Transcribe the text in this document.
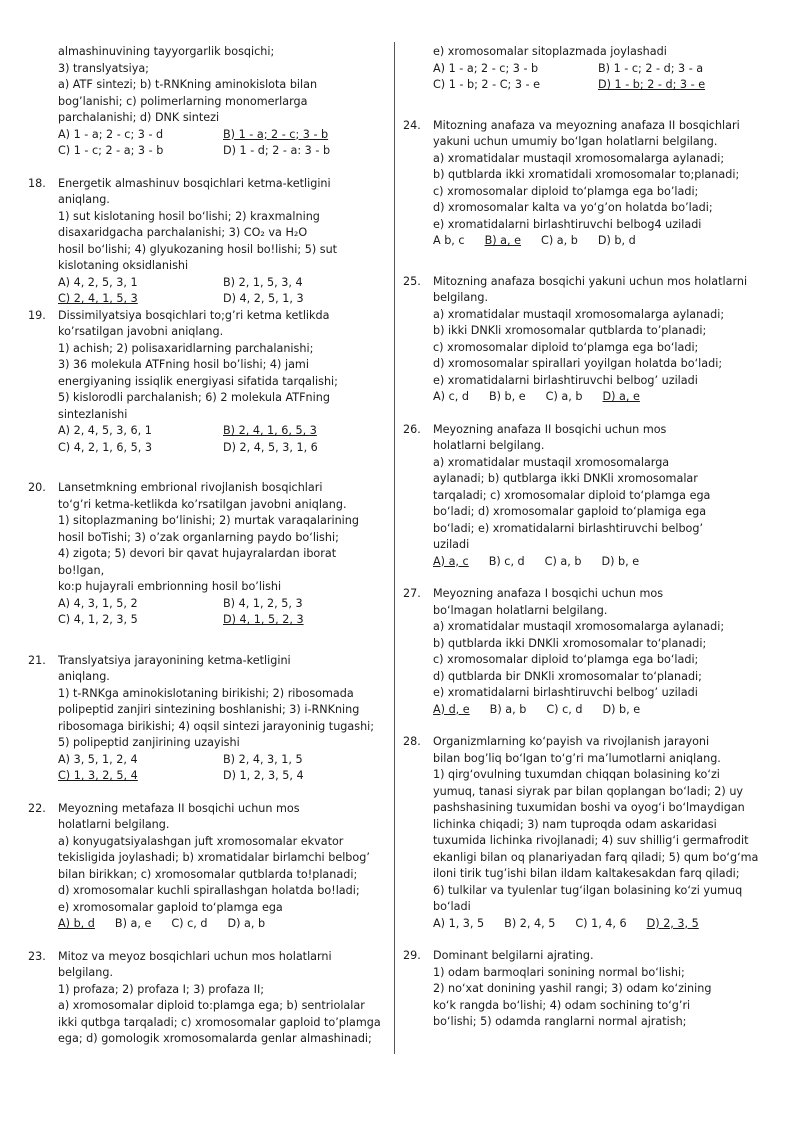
almashinuvining tayyorgarlik bosqichi;

3) translyatsiya;

a) ATF sintezi; b) t-RNKning aminokislota bilan

bog’lanishi; c) polimerlarning monomerlarga

parchalanishi; d) DNK sintezi

A) 1 - a; 2 - c; 3 - d	B) 1 - a; 2 - c; 3 - b
C) 1 - c; 2 - a; 3 - b	D) 1 - d; 2 - a: 3 - b
18.	Energetik almashinuv bosqichlari ketma-ketligini

aniqlang.

1) sut kislotaning hosil bo‘lishi; 2) kraxmalning

disaxaridgacha parchalanishi; 3) CO₂ va H₂O

hosil bo‘lishi; 4) glyukozaning hosil bo!lishi; 5) sut

kislotaning oksidlanishi

A) 4, 2, 5, 3, 1	B) 2, 1, 5, 3, 4
C) 2, 4, 1, 5, 3	D) 4, 2, 5, 1, 3
19.	Dissimilyatsiya bosqichlari to;g’ri ketma ketlikda

ko’rsatilgan javobni aniqlang.

1) achish; 2) polisaxaridlarning parchalanishi;

3) 36 molekula ATFning hosil bo’lishi; 4) jami

energiyaning issiqlik energiyasi sifatida tarqalishi;

5) kislorodli parchalanish; 6) 2 molekula ATFning

sintezlanishi

A) 2, 4, 5, 3, 6, 1	B) 2, 4, 1, 6, 5, 3
C) 4, 2, 1, 6, 5, 3	D) 2, 4, 5, 3, 1, 6
20.	Lansetmkning embrional rivojlanish bosqichlari

to‘g’ri ketma-ketlikda ko’rsatilgan javobni aniqlang.

1) sitoplazmaning bo‘linishi; 2) murtak varaqalarining

hosil boTishi; 3) o’zak organlarning paydo bo‘lishi;

4) zigota; 5) devori bir qavat hujayralardan iborat bo!lgan,

ko:p hujayrali embrionning hosil bo’lishi

A) 4, 3, 1, 5, 2	B) 4, 1, 2, 5, 3
C) 4, 1, 2, 3, 5	D) 4, 1, 5, 2, 3
21.	Translyatsiya jarayonining ketma-ketligini

aniqlang.

1) t-RNKga aminokislotaning birikishi; 2) ribosomada

polipeptid zanjiri sintezining boshlanishi; 3) i-RNKning

ribosomaga birikishi; 4) oqsil sintezi jarayoninig tugashi;

5) polipeptid zanjirining uzayishi

A) 3, 5, 1, 2, 4	B) 2, 4, 3, 1, 5
C) 1, 3, 2, 5, 4	D) 1, 2, 3, 5, 4
22.	Meyozning metafaza II bosqichi uchun mos

holatlarni belgilang.

a) konyugatsiyalashgan juft xromosomalar ekvator

tekisligida joylashadi; b) xromatidalar birlamchi belbog’

bilan birikkan; c) xromosomalar qutblarda to!planadi;

d) xromosomalar kuchli spirallashgan holatda bo!ladi;

e) xromosomalar gaploid to‘plamga ega

A) b, d B) a, e C) c, d D) a, b
23.	Mitoz va meyoz bosqichlari uchun mos holatlarni

belgilang.

1) profaza; 2) profaza I; 3) profaza II;

a) xromosomalar diploid to:plamga ega; b) sentriolalar

ikki qutbga tarqaladi; c) xromosomalar gaploid to’plamga

ega; d) gomologik xromosomalarda genlar almashinadi;

e) xromosomalar sitoplazmada joylashadi

A) 1 - a; 2 - c; 3 - b	B) 1 - c; 2 - d; 3 - a
C) 1 - b; 2 - C; 3 - e	D) 1 - b; 2 - d; 3 - e
24.	Mitozning anafaza va meyozning anafaza II bosqichlari

yakuni uchun umumiy bo‘lgan holatlarni belgilang.

a) xromatidalar mustaqil xromosomalarga aylanadi;

b) qutblarda ikki xromatidali xromosomalar to;planadi;

c) xromosomalar diploid to‘plamga ega bo’ladi;

d) xromosomalar kalta va yo‘g’on holatda bo’ladi;

e) xromatidalarni birlashtiruvchi belbog4 uziladi

A b, c B) a, e C) a, b D) b, d
25.	Mitozning anafaza bosqichi yakuni uchun mos holatlarni

belgilang.

a) xromatidalar mustaqil xromosomalarga aylanadi;

b) ikki DNKli xromosomalar qutblarda to’planadi;

c) xromosomalar diploid to‘plamga ega bo‘ladi;

d) xromosomalar spirallari yoyilgan holatda bo‘ladi;

e) xromatidalarni birlashtiruvchi belbog’ uziladi

A) c, d B) b, e C) a, b D) a, e
26.	Meyozning anafaza II bosqichi uchun mos

holatlarni belgilang.

a) xromatidalar mustaqil xromosomalarga

aylanadi; b) qutblarga ikki DNKli xromosomalar

tarqaladi; c) xromosomalar diploid to‘plamga ega

bo‘ladi; d) xromosomalar gaploid to‘plamiga ega

bo‘ladi; e) xromatidalarni birlashtiruvchi belbog’

uziladi

A) a, c B) c, d C) a, b D) b, e
27.	Meyozning anafaza I bosqichi uchun mos

bo‘lmagan holatlarni belgilang.

a) xromatidalar mustaqil xromosomalarga aylanadi;

b) qutblarda ikki DNKli xromosomalar to‘planadi;

c) xromosomalar diploid to‘plamga ega bo‘ladi;

d) qutblarda bir DNKli xromosomalar to‘planadi;

e) xromatidalarni birlashtiruvchi belbog’ uziladi

A) d, e B) a, b C) c, d D) b, e
28.	Organizmlarning ko‘payish va rivojlanish jarayoni

bilan bog’liq bo‘lgan to‘g’ri ma’lumotlarni aniqlang.

1) qirg‘ovulning tuxumdan chiqqan bolasining ko‘zi

yumuq, tanasi siyrak par bilan qoplangan bo‘ladi; 2) uy

pashshasining tuxumidan boshi va oyog‘i bo‘lmaydigan

lichinka chiqadi; 3) nam tuproqda odam askaridasi

tuxumida lichinka rivojlanadi; 4) suv shillig‘i germafrodit

ekanligi bilan oq planariyadan farq qiladi; 5) qum bo‘g‘ma

iloni tirik tug’ishi bilan ildam kaltakesakdan farq qiladi;

6) tulkilar va tyulenlar tug‘ilgan bolasining ko‘zi yumuq

bo‘ladi

A) 1, 3, 5 B) 2, 4, 5 C) 1, 4, 6 D) 2, 3, 5
29.	Dominant belgilarni ajrating.

1) odam barmoqlari sonining normal bo‘lishi;

2) no‘xat donining yashil rangi; 3) odam ko‘zining

ko‘k rangda bo‘lishi; 4) odam sochining to‘g’ri

bo‘lishi; 5) odamda ranglarni normal ajratish;
